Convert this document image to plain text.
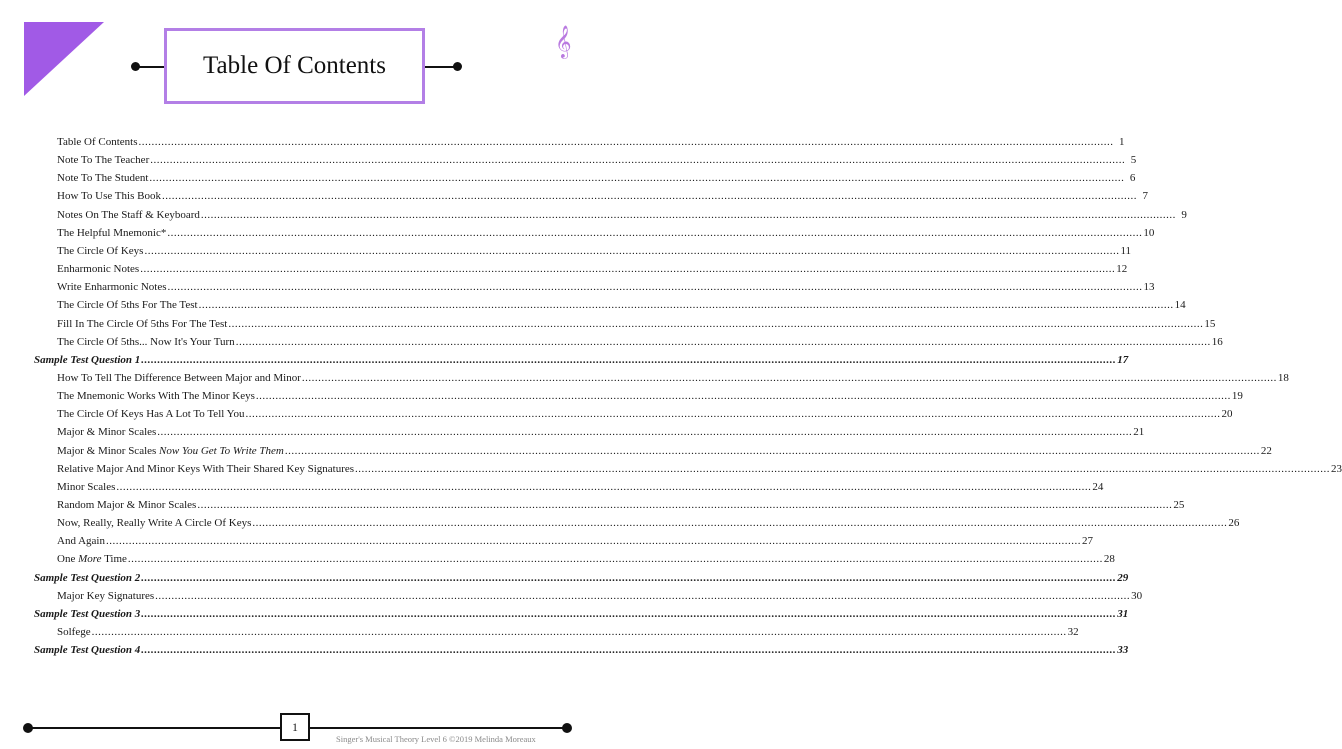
𝄞
Table Of Contents
Table Of Contents ............................................................................................................................................................................................................................................................................................................ 1
Note To The Teacher ............................................................................................................................................................................................................................................................................................................ 5
Note To The Student ............................................................................................................................................................................................................................................................................................................ 6
How To Use This Book ............................................................................................................................................................................................................................................................................................................ 7
Notes On The Staff & Keyboard ............................................................................................................................................................................................................................................................................................................ 9
The Helpful Mnemonic* ............................................................................................................................................................................................................................................................................................................ 10
The Circle Of Keys ............................................................................................................................................................................................................................................................................................................ 11
Enharmonic Notes ............................................................................................................................................................................................................................................................................................................ 12
Write Enharmonic Notes ............................................................................................................................................................................................................................................................................................................ 13
The Circle Of 5ths For The Test ............................................................................................................................................................................................................................................................................................................ 14
Fill In The Circle Of 5ths For The Test ............................................................................................................................................................................................................................................................................................................ 15
The Circle Of 5ths... Now It's Your Turn ............................................................................................................................................................................................................................................................................................................ 16
Sample Test Question 1 ............................................................................................................................................................................................................................................................................................................ 17
How To Tell The Difference Between Major and Minor ............................................................................................................................................................................................................................................................................................................ 18
The Mnemonic Works With The Minor Keys ............................................................................................................................................................................................................................................................................................................ 19
The Circle Of Keys Has A Lot To Tell You ............................................................................................................................................................................................................................................................................................................ 20
Major & Minor Scales ............................................................................................................................................................................................................................................................................................................ 21
Major & Minor Scales Now You Get To Write Them ............................................................................................................................................................................................................................................................................................................ 22
Relative Major And Minor Keys With Their Shared Key Signatures ............................................................................................................................................................................................................................................................................................................ 23
Minor Scales ............................................................................................................................................................................................................................................................................................................ 24
Random Major & Minor Scales ............................................................................................................................................................................................................................................................................................................ 25
Now, Really, Really Write A Circle Of Keys ............................................................................................................................................................................................................................................................................................................ 26
And Again ............................................................................................................................................................................................................................................................................................................ 27
One More Time ............................................................................................................................................................................................................................................................................................................ 28
Sample Test Question 2 ............................................................................................................................................................................................................................................................................................................ 29
Major Key Signatures ............................................................................................................................................................................................................................................................................................................ 30
Sample Test Question 3 ............................................................................................................................................................................................................................................................................................................ 31
Solfege ............................................................................................................................................................................................................................................................................................................ 32
Sample Test Question 4 ............................................................................................................................................................................................................................................................................................................ 33
1
Singer's Musical Theory Level 6 ©2019 Melinda Moreaux
